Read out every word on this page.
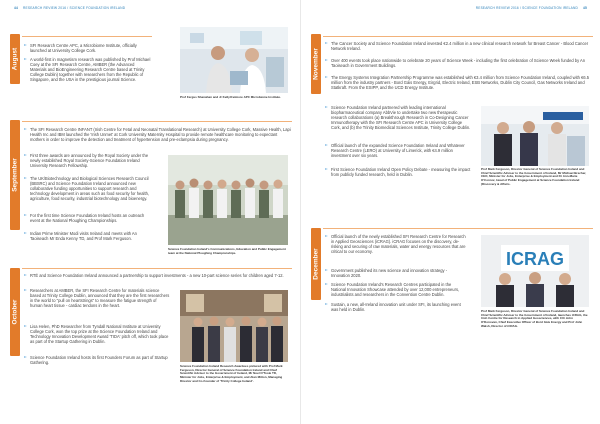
44 RESEARCH REVIEW 2016 / SCIENCE FOUNDATION IRELAND
August
SFI Research Centre APC, a Microbiome Institute, officially launched at University College Cork.
A world-first in magnetism research was published by Prof Michael Coey at the SFI Research Centre, AMBER (the Advanced Materials and BioEngineering Research Centre based at Trinity College Dublin) together with researchers from the Republic of Singapore, and the USA in the prestigious journal Science.
Prof Fergus Shanahan and Jr Kelly/Cetmore APC Microbiome Institute.
September
The SFI Research Centre INFANT (Irish Centre for Fetal and Neonatal Translational Research) at University College Cork, Massive Health, Lapi Health Inc and IBM launched the 'Irish Unmet' at Cork University Maternity Hospital to provide remote healthcare monitoring to expectant mothers in order to improve the detection and treatment of hypertension and pre-eclampsia during pregnancy.
First three awards are announced by the Royal Society under the newly established Royal Society-Science Foundation Ireland University Research Fellowship.
The UK/Biotechnology and Biological Sciences Research Council (BBSRC) and Science Foundation Ireland announced new collaborative funding opportunities to support research and technology development in areas such as food security for health, agriculture, food security, industrial biotechnology and bioenergy.
For the first time Science Foundation Ireland hosts an outreach event at the National Ploughing Championships.
Indian Prime Minister Modi visits Ireland and meets with An Taoiseach Mr Enda Kenny TD, and Prof Mark Ferguson.
Science Foundation Ireland's Communications, Education and Public Engagement team at the National Ploughing Championships.
October
RTÉ and Science Foundation Ireland announced a partnership to support investments - a new 10-part science series for children aged 7-12.
Researchers at AMBER, the SFI Research Centre for materials science based at Trinity College Dublin, announced that they are the first researchers in the world to "pull on heartstrings" to measure the fatigue strength of human heart tissue - cardiac tendons in the heart.
Lisa Helen, PhD Researcher from Tyndall National Institute at University College Cork, won the top prize at the Science Foundation Ireland and Technology Innovation Development Award 'TIDA' pitch off, which took place as part of the Startup Gathering in Dublin.
Science Foundation Ireland hosts its first Founders Forum as part of Startup Gathering.
Science Foundation Ireland Research Awardees pictured with Prof Mark Ferguson, Director General of Science Foundation Ireland and Chief Scientific Adviser to the Government of Ireland, Mr Noel O'Toole TD, Minister for Jobs, Enterprise & Employment, and Alan Mitton, Managing Director and Co-Founder of 'Trinity College Ireland'.
RESEARCH REVIEW 2016 / SCIENCE FOUNDATION IRELAND 45
November
The Cancer Society and Science Foundation Ireland invested €2.4 million in a new clinical research network for Breast Cancer - Blood Cancer Network Ireland.
Over 400 events took place nationwide to celebrate 20 years of Science Week - including the first celebration of Science Week funded by An Taoiseach in Government Buildings.
The Energy Systems Integration Partnership Programme was established with €3.4 million from Science Foundation Ireland, coupled with €6.5 million from the industry partners - Bord Gáis Energy, Eirgrid, Electric Ireland, ESB Networks, Dublin City Council, Gas Networks Ireland and Statkraft. From the ESIPP, and the UCD Energy Institute.
Science Foundation Ireland partnered with leading international biopharmaceutical company AbbVie to undertake two new therapeutic research collaborations (a) Breakthrough Research in Co-Designing Cancer Immunotherapy with the SFI Research Centre APC in University College Cork, and (b) the Trinity Biomedical Sciences Institute, Trinity College Dublin.
Official launch of the expanded Science Foundation Ireland and Whatever Research Centre (LERO) at University of Limerick, with €4.9 million investment over six years.
First Science Foundation Ireland Open Policy Debate - measuring the impact from publicly funded research, held in Dublin.
Prof Mark Ferguson, Director General of Science Foundation Ireland and Chief Scientific Adviser to the Government of Ireland, Mr Michael Brecher, CEO, Minister for Jobs, Enterprise & Employment and Dr Ann-Marie O'Connor, Head of Public Engagement at Science Foundation Ireland (Discovery & Affairs.
December
Official launch of the newly established SFI Research Centre for Research in Applied Geosciences (iCRAG). iCRAG focuses on the discovery, de-risking and securing of raw materials, water and energy resources that are critical to our economy.
Government published its new science and innovation strategy - Innovation 2020.
Science Foundation Ireland's Research Centres participated in the National Innovation Showcase attended by over 12,000 entrepreneurs, industrialists and researchers in the Convention Centre Dublin.
Sustain, a new, all-Ireland innovation unit under SFI, its launching event was held in Dublin.
ICRAG
Prof Mark Ferguson, Director General of Science Foundation Ireland and Chief Scientific Adviser to the Government of Ireland, launches iCRAG, the Irish Centre for Research in Applied Geosciences, with Cllr John O'Donovan, Chief Executive Officer of Bord Gáis Energy and Prof John Walsh, Director of iCRAG.
